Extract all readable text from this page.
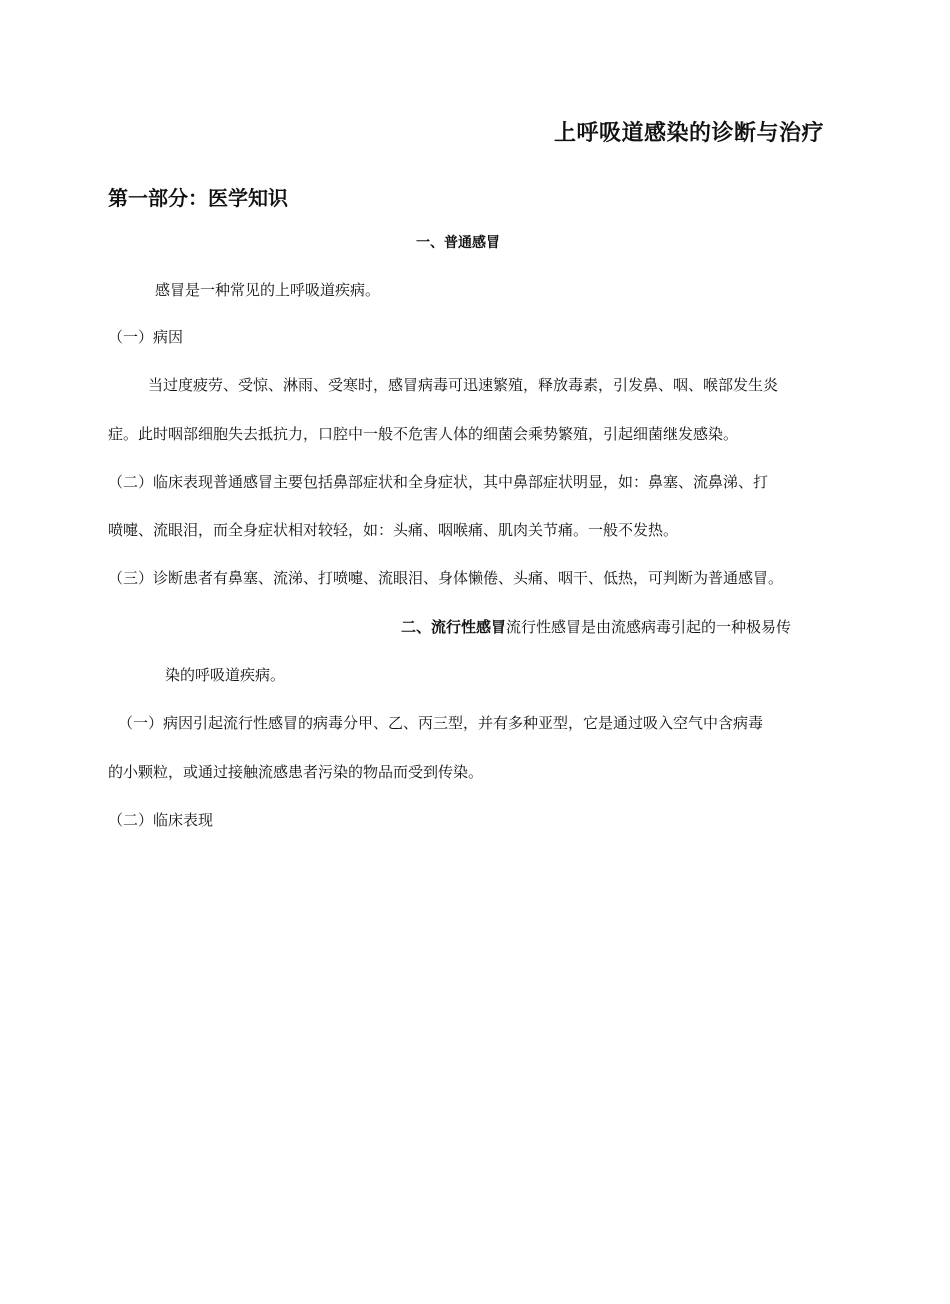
上呼吸道感染的诊断与治疗
第一部分：医学知识
一、普通感冒
感冒是一种常见的上呼吸道疾病。
（一）病因
当过度疲劳、受惊、淋雨、受寒时，感冒病毒可迅速繁殖，释放毒素，引发鼻、咽、喉部发生炎
症。此时咽部细胞失去抵抗力，口腔中一般不危害人体的细菌会乘势繁殖，引起细菌继发感染。
（二）临床表现普通感冒主要包括鼻部症状和全身症状，其中鼻部症状明显，如：鼻塞、流鼻涕、打
喷嚏、流眼泪，而全身症状相对较轻，如：头痛、咽喉痛、肌肉关节痛。一般不发热。
（三）诊断患者有鼻塞、流涕、打喷嚏、流眼泪、身体懒倦、头痛、咽干、低热，可判断为普通感冒。
二、流行性感冒流行性感冒是由流感病毒引起的一种极易传
染的呼吸道疾病。
（一）病因引起流行性感冒的病毒分甲、乙、丙三型，并有多种亚型，它是通过吸入空气中含病毒
的小颗粒，或通过接触流感患者污染的物品而受到传染。
（二）临床表现
